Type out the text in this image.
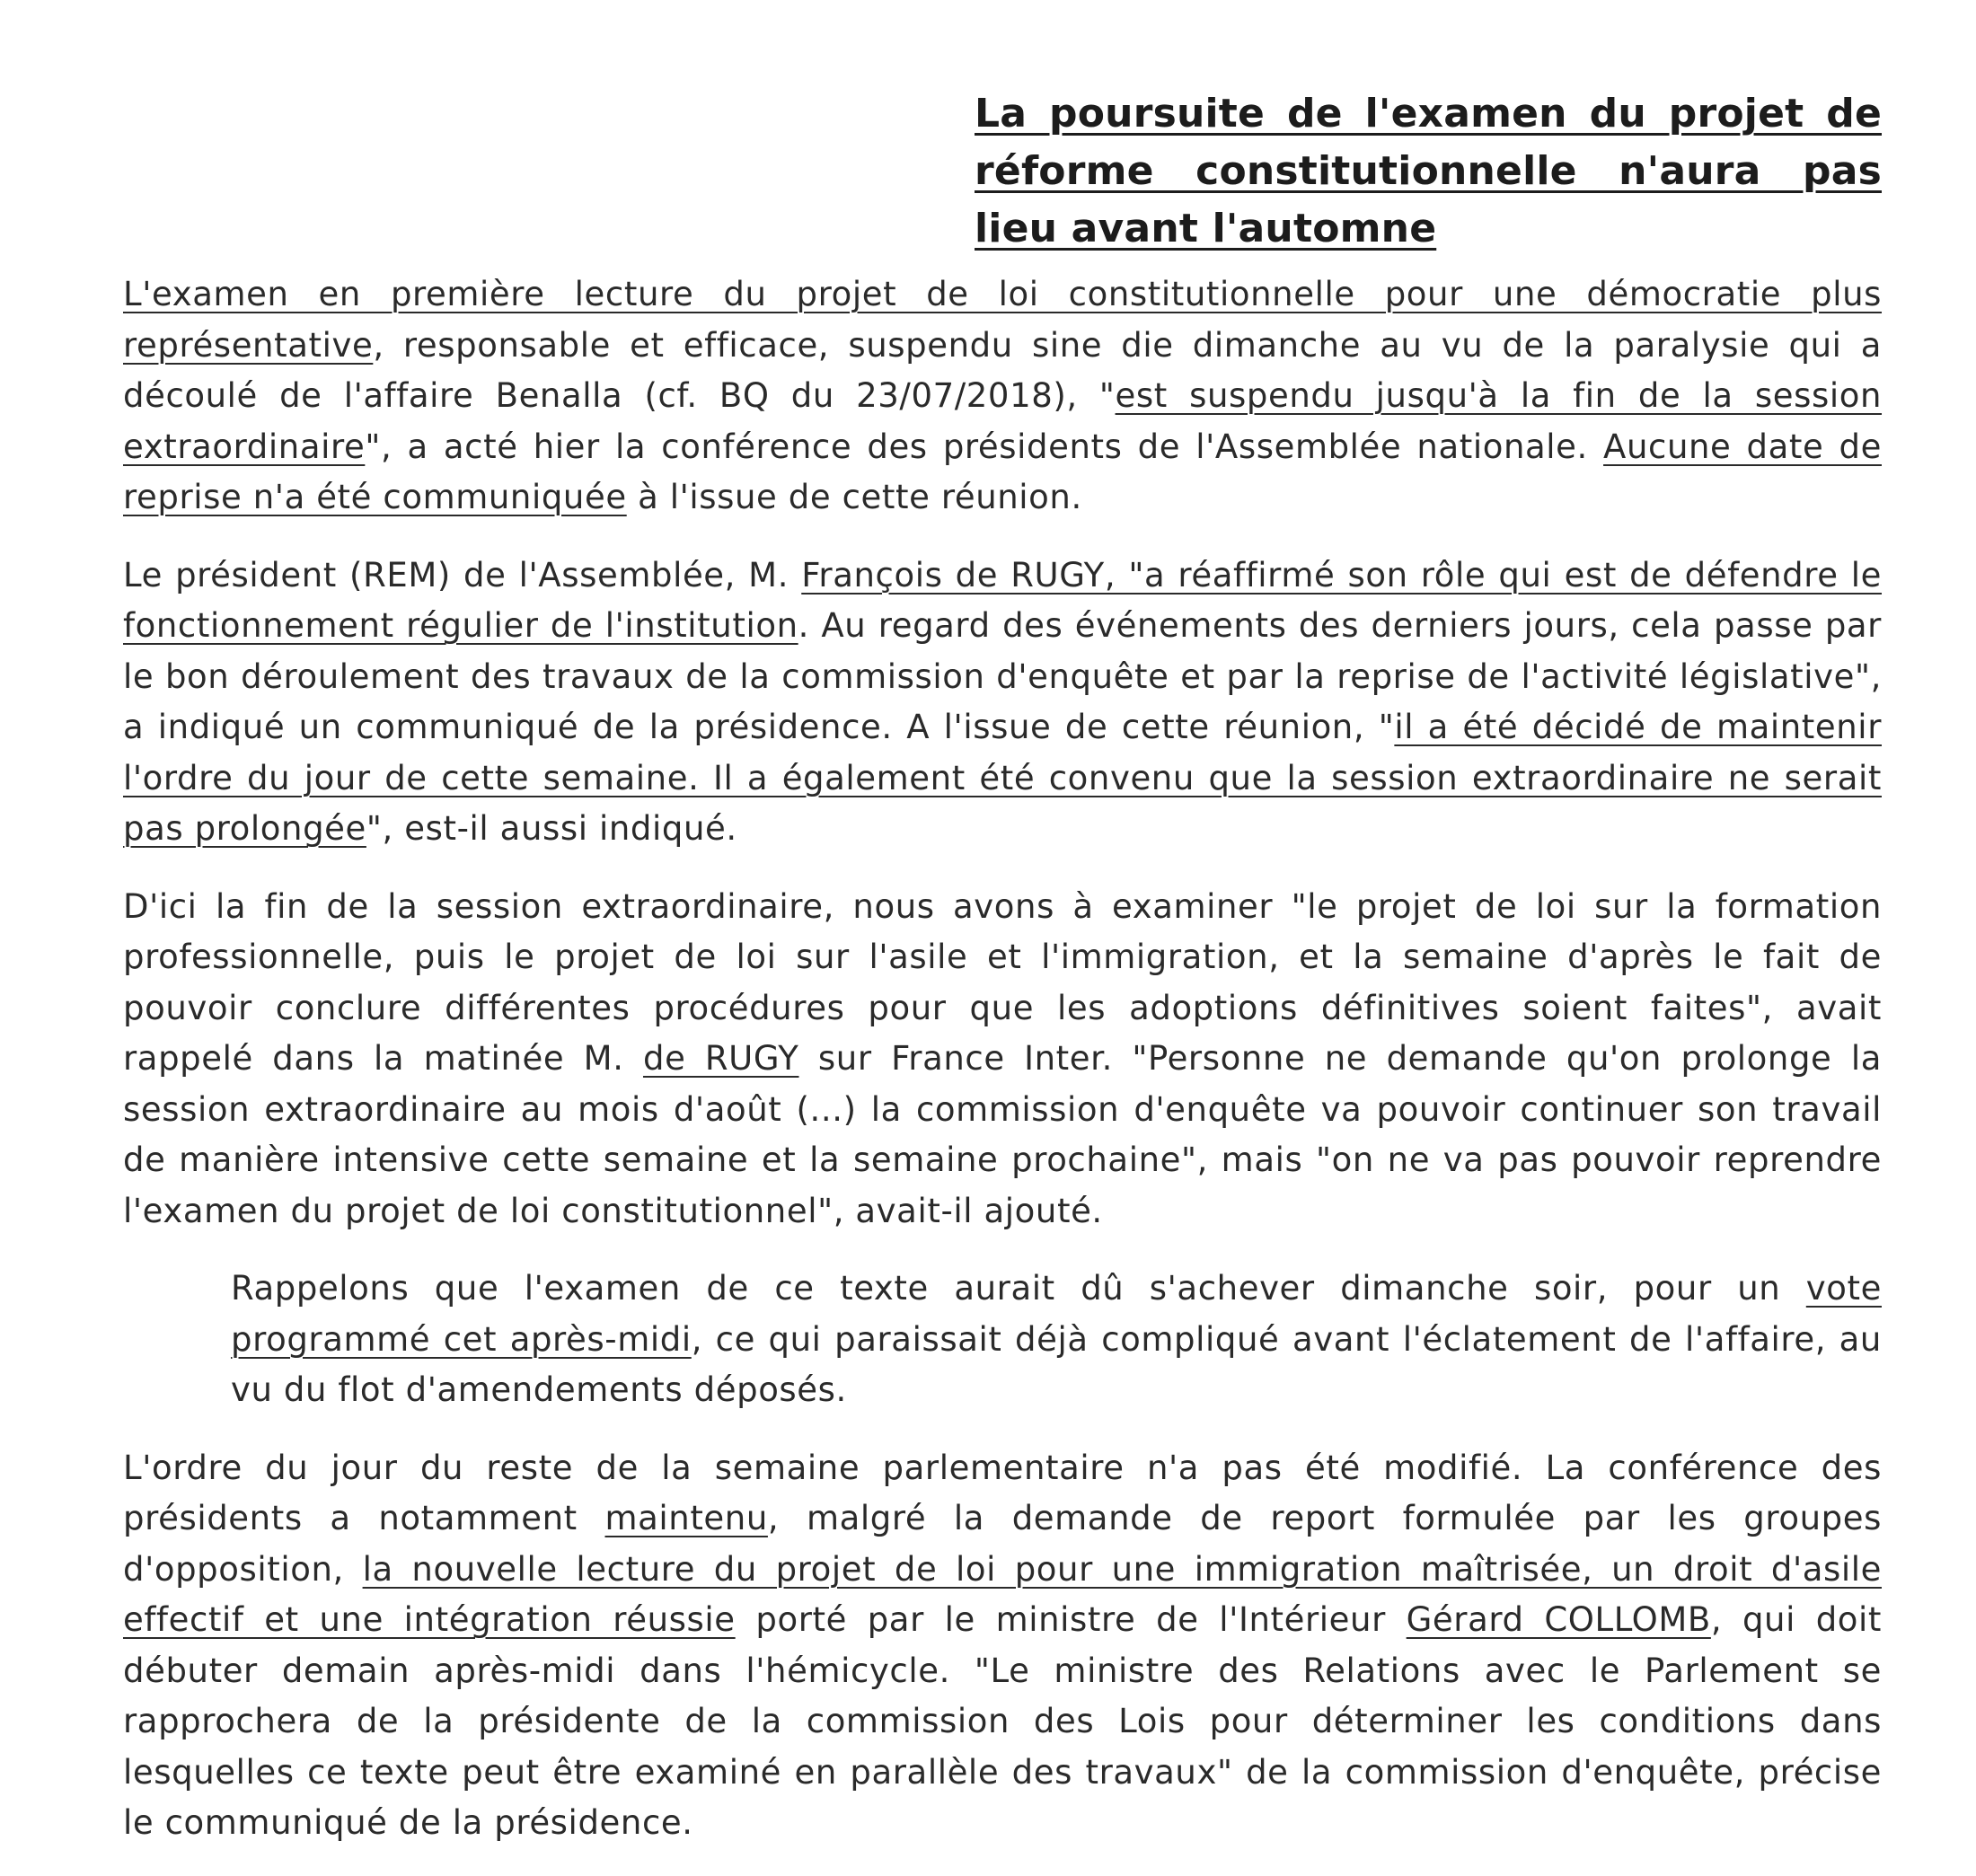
La poursuite de l'examen du projet de réforme constitutionnelle n'aura pas lieu avant l'automne

L'examen en première lecture du projet de loi constitutionnelle pour une démocratie plus représentative, responsable et efficace, suspendu sine die dimanche au vu de la paralysie qui a découlé de l'affaire Benalla (cf. BQ du 23/07/2018), "est suspendu jusqu'à la fin de la session extraordinaire", a acté hier la conférence des présidents de l'Assemblée nationale. Aucune date de reprise n'a été communiquée à l'issue de cette réunion.

Le président (REM) de l'Assemblée, M. François de RUGY, "a réaffirmé son rôle qui est de défendre le fonctionnement régulier de l'institution. Au regard des événements des derniers jours, cela passe par le bon déroulement des travaux de la commission d'enquête et par la reprise de l'activité législative", a indiqué un communiqué de la présidence. A l'issue de cette réunion, "il a été décidé de maintenir l'ordre du jour de cette semaine. Il a également été convenu que la session extraordinaire ne serait pas prolongée", est-il aussi indiqué.

D'ici la fin de la session extraordinaire, nous avons à examiner "le projet de loi sur la formation professionnelle, puis le projet de loi sur l'asile et l'immigration, et la semaine d'après le fait de pouvoir conclure différentes procédures pour que les adoptions définitives soient faites", avait rappelé dans la matinée M. de RUGY sur France Inter. "Personne ne demande qu'on prolonge la session extraordinaire au mois d'août (...) la commission d'enquête va pouvoir continuer son travail de manière intensive cette semaine et la semaine prochaine", mais "on ne va pas pouvoir reprendre l'examen du projet de loi constitutionnel", avait-il ajouté.

Rappelons que l'examen de ce texte aurait dû s'achever dimanche soir, pour un vote programmé cet après-midi, ce qui paraissait déjà compliqué avant l'éclatement de l'affaire, au vu du flot d'amendements déposés.

L'ordre du jour du reste de la semaine parlementaire n'a pas été modifié. La conférence des présidents a notamment maintenu, malgré la demande de report formulée par les groupes d'opposition, la nouvelle lecture du projet de loi pour une immigration maîtrisée, un droit d'asile effectif et une intégration réussie porté par le ministre de l'Intérieur Gérard COLLOMB, qui doit débuter demain après-midi dans l'hémicycle. "Le ministre des Relations avec le Parlement se rapprochera de la présidente de la commission des Lois pour déterminer les conditions dans lesquelles ce texte peut être examiné en parallèle des travaux" de la commission d'enquête, précise le communiqué de la présidence.
